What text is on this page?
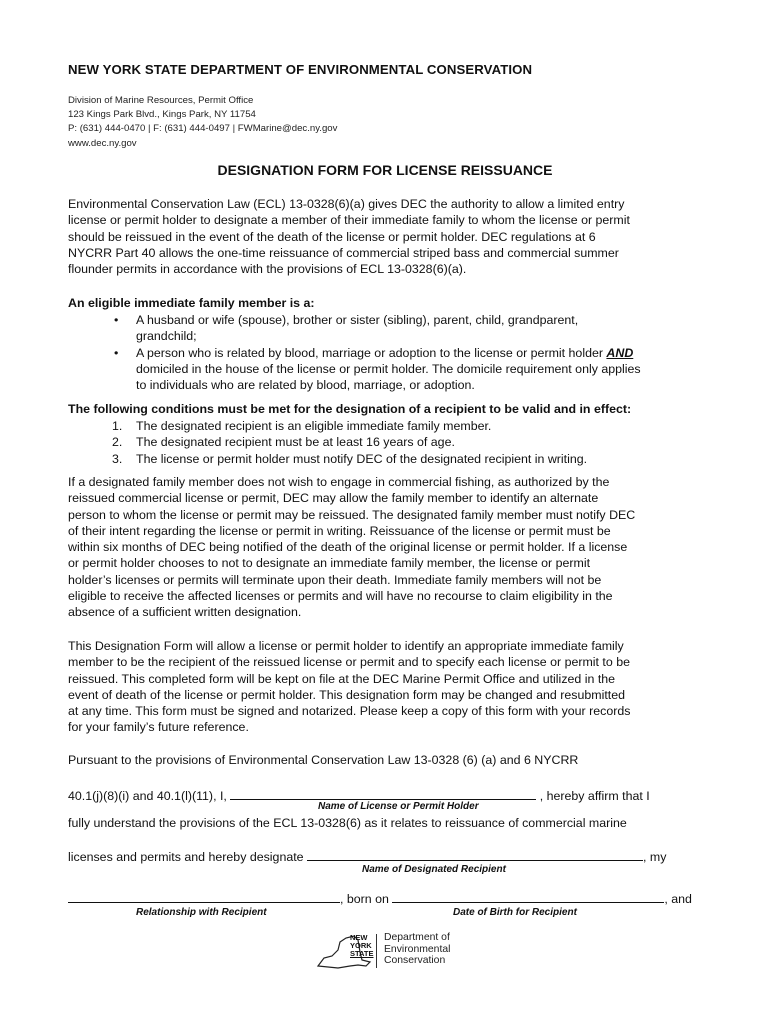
NEW YORK STATE DEPARTMENT OF ENVIRONMENTAL CONSERVATION
Division of Marine Resources, Permit Office
123 Kings Park Blvd., Kings Park, NY 11754
P: (631) 444-0470 | F: (631) 444-0497 | FWMarine@dec.ny.gov
www.dec.ny.gov
DESIGNATION FORM FOR LICENSE REISSUANCE
Environmental Conservation Law (ECL) 13-0328(6)(a) gives DEC the authority to allow a limited entry
license or permit holder to designate a member of their immediate family to whom the license or permit
should be reissued in the event of the death of the license or permit holder. DEC regulations at 6
NYCRR Part 40 allows the one-time reissuance of commercial striped bass and commercial summer
flounder permits in accordance with the provisions of ECL 13-0328(6)(a).
An eligible immediate family member is a:
• A husband or wife (spouse), brother or sister (sibling), parent, child, grandparent,
grandchild;
• A person who is related by blood, marriage or adoption to the license or permit holder AND
domiciled in the house of the license or permit holder. The domicile requirement only applies
to individuals who are related by blood, marriage, or adoption.
The following conditions must be met for the designation of a recipient to be valid and in effect:
1. The designated recipient is an eligible immediate family member.
2. The designated recipient must be at least 16 years of age.
3. The license or permit holder must notify DEC of the designated recipient in writing.
If a designated family member does not wish to engage in commercial fishing, as authorized by the
reissued commercial license or permit, DEC may allow the family member to identify an alternate
person to whom the license or permit may be reissued. The designated family member must notify DEC
of their intent regarding the license or permit in writing. Reissuance of the license or permit must be
within six months of DEC being notified of the death of the original license or permit holder. If a license
or permit holder chooses to not to designate an immediate family member, the license or permit
holder’s licenses or permits will terminate upon their death. Immediate family members will not be
eligible to receive the affected licenses or permits and will have no recourse to claim eligibility in the
absence of a sufficient written designation.
This Designation Form will allow a license or permit holder to identify an appropriate immediate family
member to be the recipient of the reissued license or permit and to specify each license or permit to be
reissued. This completed form will be kept on file at the DEC Marine Permit Office and utilized in the
event of death of the license or permit holder. This designation form may be changed and resubmitted
at any time. This form must be signed and notarized. Please keep a copy of this form with your records
for your family’s future reference.
Pursuant to the provisions of Environmental Conservation Law 13-0328 (6) (a) and 6 NYCRR
40.1(j)(8)(i) and 40.1(l)(11), I,	, hereby affirm that I
Name of License or Permit Holder
fully understand the provisions of the ECL 13-0328(6) as it relates to reissuance of commercial marine
licenses and permits and hereby designate	, my
Name of Designated Recipient
, born on	, and
Relationship with Recipient	Date of Birth for Recipient
NEW
YORK
STATE
Department of
Environmental
Conservation
